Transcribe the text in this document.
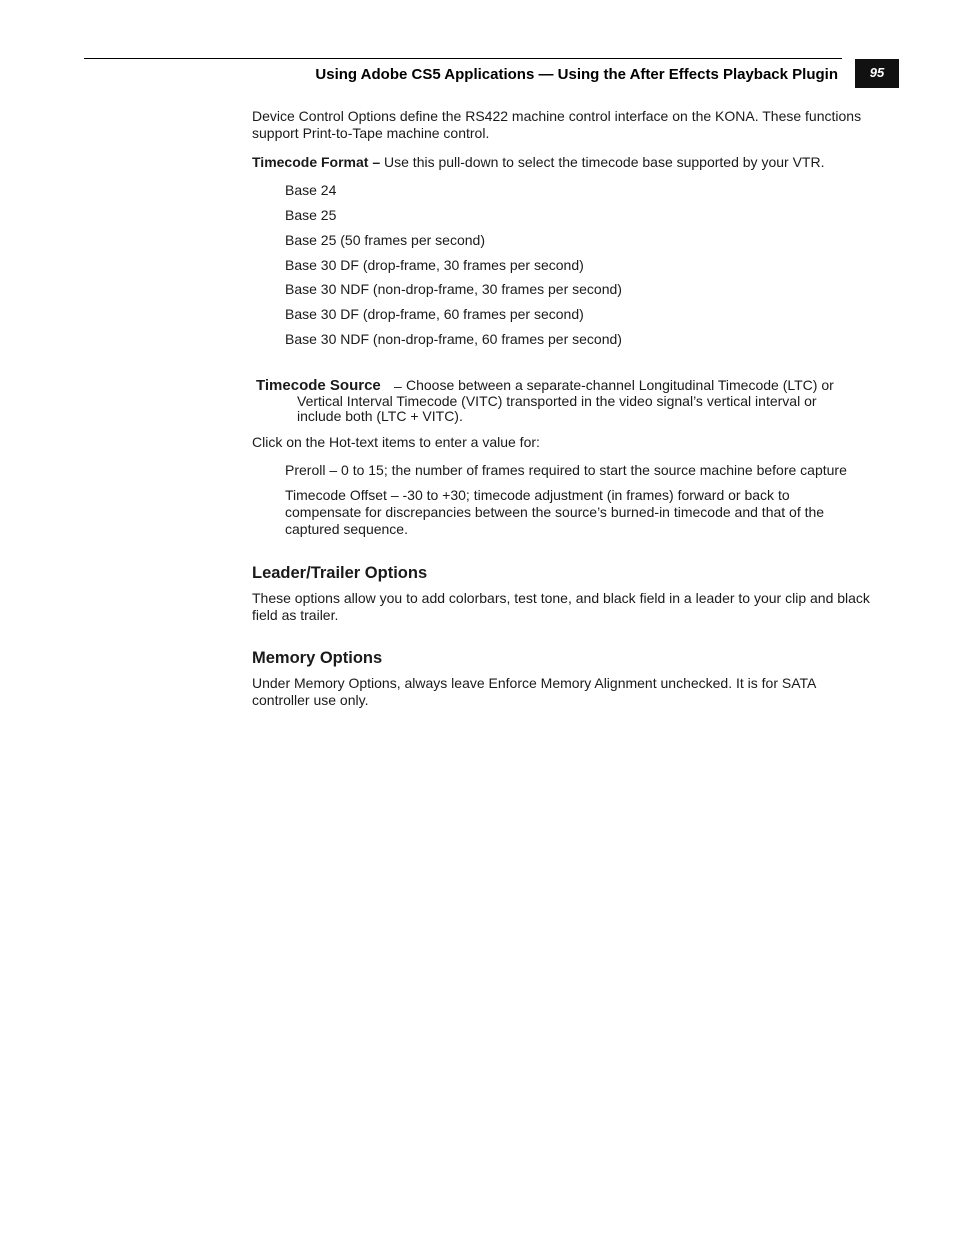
Using Adobe CS5 Applications — Using the After Effects Playback Plugin	95

Device Control Options define the RS422 machine control interface on the KONA. These functions support Print-to-Tape machine control.

Timecode Format – Use this pull-down to select the timecode base supported by your VTR.

Base 24

Base 25

Base 25 (50 frames per second)

Base 30 DF (drop-frame, 30 frames per second)

Base 30 NDF (non-drop-frame, 30 frames per second)

Base 30 DF (drop-frame, 60 frames per second)

Base 30 NDF (non-drop-frame, 60 frames per second)

Timecode Source – Choose between a separate-channel Longitudinal Timecode (LTC) or Vertical Interval Timecode (VITC) transported in the video signal’s vertical interval or include both (LTC + VITC).

Click on the Hot-text items to enter a value for:

Preroll – 0 to 15; the number of frames required to start the source machine before capture

Timecode Offset – -30 to +30; timecode adjustment (in frames) forward or back to compensate for discrepancies between the source’s burned-in timecode and that of the captured sequence.

Leader/Trailer Options

These options allow you to add colorbars, test tone, and black field in a leader to your clip and black field as trailer.

Memory Options

Under Memory Options, always leave Enforce Memory Alignment unchecked. It is for SATA controller use only.
